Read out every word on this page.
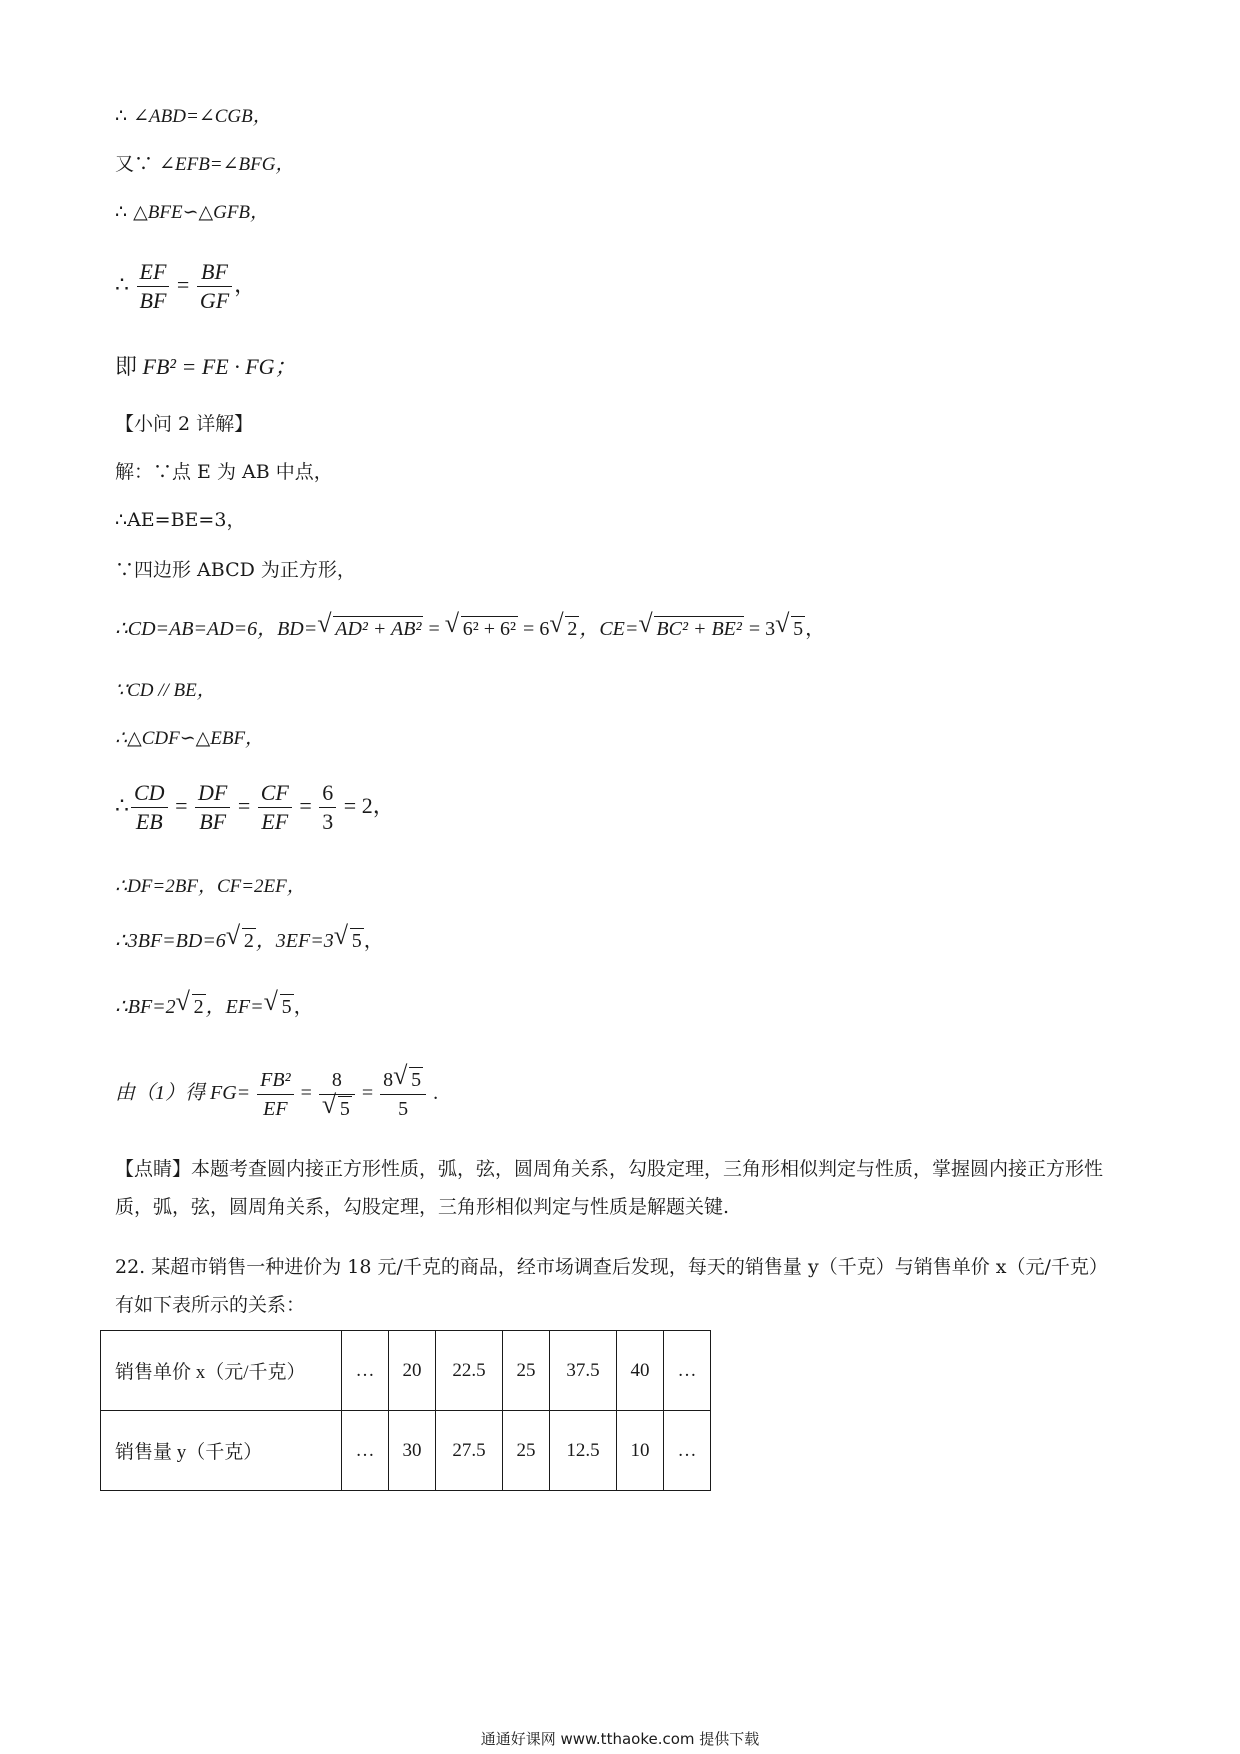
∴ ∠ABD=∠CGB，
又∵ ∠EFB=∠BFG，
∴ △BFE∽△GFB，
∴ $\frac{EF}{BF} = \frac{BF}{GF}$ ，
即 FB² = FE · FG；
【小问 2 详解】
解：∵点 E 为 AB 中点，
∴AE=BE=3，
∵四边形 ABCD 为正方形，
∴CD=AB=AD=6，BD= √ AD² + AB² = √ 6² + 6² = 6 √ 2 ，CE= √ BC² + BE² = 3 √ 5 ，
∵CD // BE，
∴△CDF∽△EBF，
∴ $\frac{CD}{EB} = \frac{DF}{BF} = \frac{CF}{EF} = \frac{6}{3} = 2$，
∴DF=2BF，CF=2EF，
∴3BF=BD=6 √ 2 ，3EF=3 √ 5 ，
∴BF=2 √ 2 ，EF= √ 5 ，
由（1）得 $FG= \frac{\text{FB²}}{EF} = \frac{8}{√ 5} = \frac{8 √ 5}{5}$ .
【点睛】本题考查圆内接正方形性质，弧，弦，圆周角关系，勾股定理，三角形相似判定与性质，掌握圆内接正方形性质，弧，弦，圆周角关系，勾股定理，三角形相似判定与性质是解题关键.
22. 某超市销售一种进价为 18 元/千克的商品，经市场调查后发现，每天的销售量 y（千克）与销售单价 x（元/千克）有如下表所示的关系：
销售单价 x（元/千克）	…	20	22.5	25	37.5	40	…
销售量 y（千克）	…	30	27.5	25	12.5	10	…
通通好课网 www.tthaoke.com 提供下载
